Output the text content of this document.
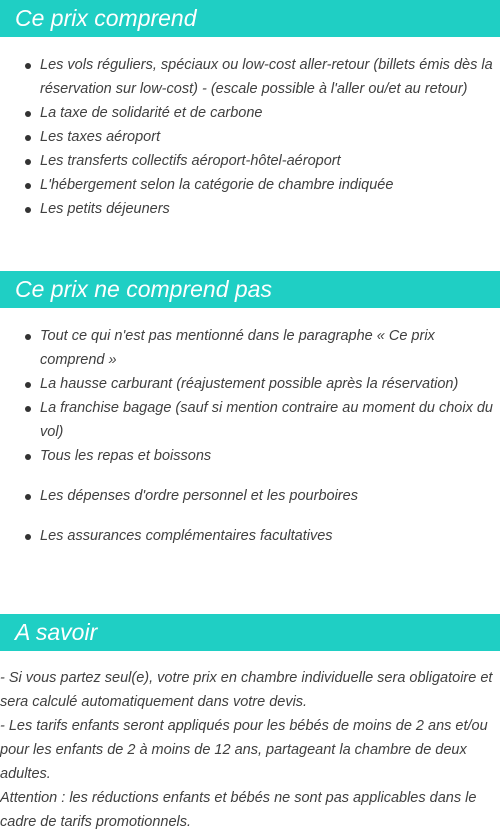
Ce prix comprend
Les vols réguliers, spéciaux ou low-cost aller-retour (billets émis dès la réservation sur low-cost) - (escale possible à l'aller ou/et au retour)
La taxe de solidarité et de carbone
Les taxes aéroport
Les transferts collectifs aéroport-hôtel-aéroport
L'hébergement selon la catégorie de chambre indiquée
Les petits déjeuners
Ce prix ne comprend pas
Tout ce qui n'est pas mentionné dans le paragraphe « Ce prix comprend »
La hausse carburant (réajustement possible après la réservation)
La franchise bagage (sauf si mention contraire au moment du choix du vol)
Tous les repas et boissons
Les dépenses d'ordre personnel et les pourboires
Les assurances complémentaires facultatives
A savoir

- Si vous partez seul(e), votre prix en chambre individuelle sera obligatoire et sera calculé automatiquement dans votre devis.
- Les tarifs enfants seront appliqués pour les bébés de moins de 2 ans et/ou pour les enfants de 2 à moins de 12 ans, partageant la chambre de deux adultes.
Attention : les réductions enfants et bébés ne sont pas applicables dans le cadre de tarifs promotionnels.
